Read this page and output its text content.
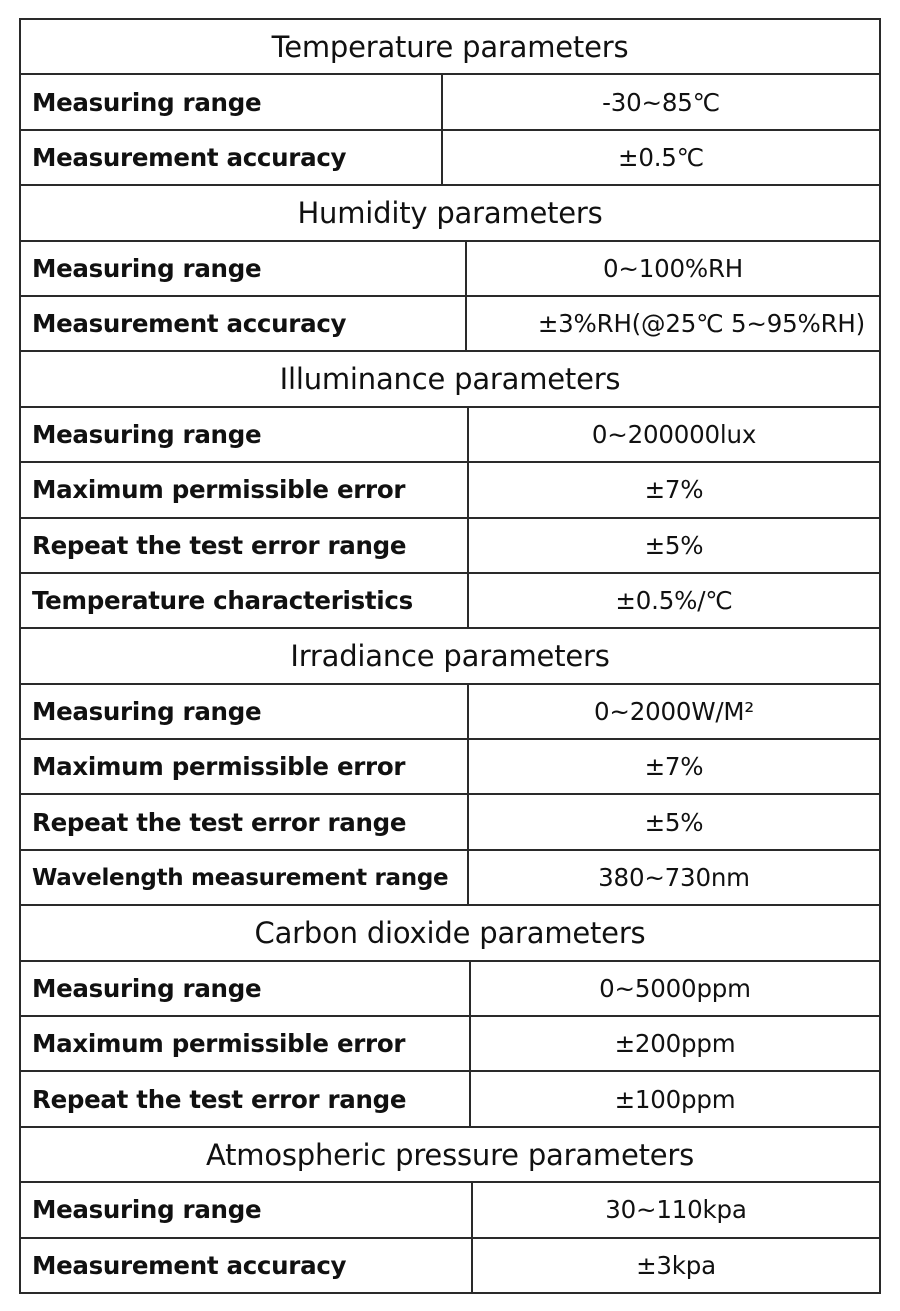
Temperature parameters
Measuring range	-30~85℃
Measurement accuracy	±0.5℃
Humidity parameters
Measuring range	0~100%RH
Measurement accuracy	±3%RH(@25℃ 5~95%RH)
Illuminance parameters
Measuring range	0~200000lux
Maximum permissible error	±7%
Repeat the test error range	±5%
Temperature characteristics	±0.5%/℃
Irradiance parameters
Measuring range	0~2000W/M²
Maximum permissible error	±7%
Repeat the test error range	±5%
Wavelength measurement range	380~730nm
Carbon dioxide parameters
Measuring range	0~5000ppm
Maximum permissible error	±200ppm
Repeat the test error range	±100ppm
Atmospheric pressure parameters
Measuring range	30~110kpa
Measurement accuracy	±3kpa
